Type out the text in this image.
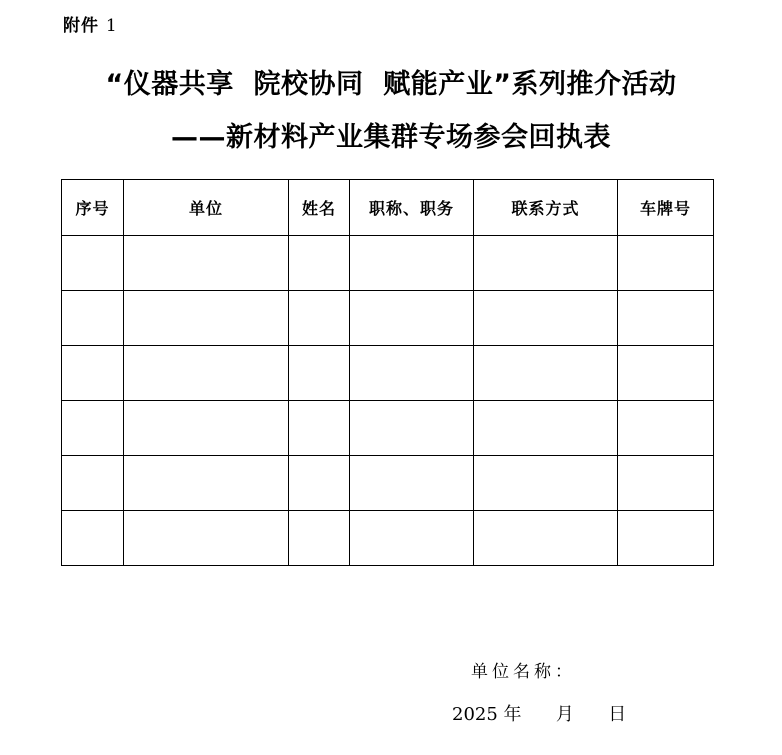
附件 1
“仪器共享  院校协同  赋能产业”系列推介活动
——新材料产业集群专场参会回执表
序号	单位	姓名	职称、职务	联系方式	车牌号

单位名称：
2025 年 月 日
